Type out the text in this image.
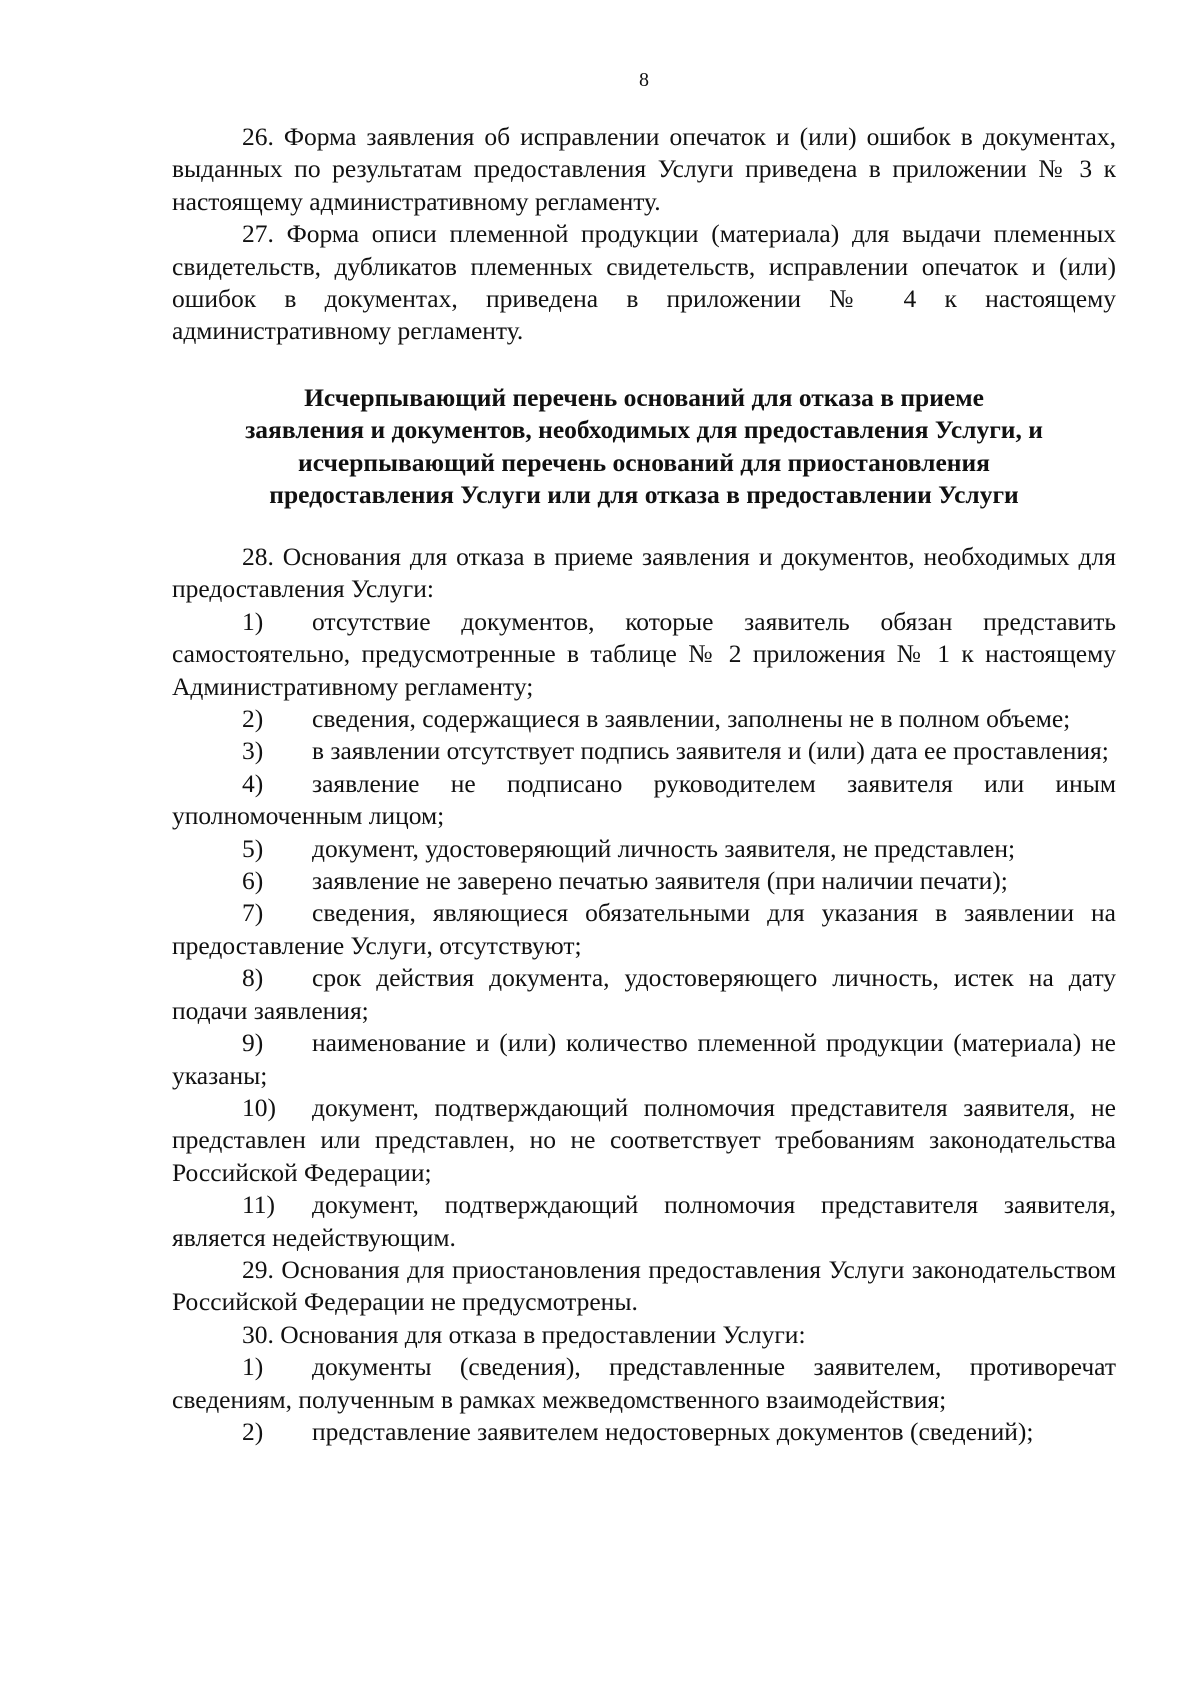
8

26. Форма заявления об исправлении опечаток и (или) ошибок в документах, выданных по результатам предоставления Услуги приведена в приложении № 3 к настоящему административному регламенту.

27. Форма описи племенной продукции (материала) для выдачи племенных свидетельств, дубликатов племенных свидетельств, исправлении опечаток и (или) ошибок в документах, приведена в приложении № 4 к настоящему административному регламенту.

Исчерпывающий перечень оснований для отказа в приеме
заявления и документов, необходимых для предоставления Услуги, и
исчерпывающий перечень оснований для приостановления
предоставления Услуги или для отказа в предоставлении Услуги

28. Основания для отказа в приеме заявления и документов, необходимых для предоставления Услуги:

1) отсутствие документов, которые заявитель обязан представить самостоятельно, предусмотренные в таблице № 2 приложения № 1 к настоящему Административному регламенту;

2) сведения, содержащиеся в заявлении, заполнены не в полном объеме;

3) в заявлении отсутствует подпись заявителя и (или) дата ее проставления;

4) заявление не подписано руководителем заявителя или иным уполномоченным лицом;

5) документ, удостоверяющий личность заявителя, не представлен;

6) заявление не заверено печатью заявителя (при наличии печати);

7) сведения, являющиеся обязательными для указания в заявлении на предоставление Услуги, отсутствуют;

8) срок действия документа, удостоверяющего личность, истек на дату подачи заявления;

9) наименование и (или) количество племенной продукции (материала) не указаны;

10) документ, подтверждающий полномочия представителя заявителя, не представлен или представлен, но не соответствует требованиям законодательства Российской Федерации;

11) документ, подтверждающий полномочия представителя заявителя, является недействующим.

29. Основания для приостановления предоставления Услуги законодательством Российской Федерации не предусмотрены.

30. Основания для отказа в предоставлении Услуги:

1) документы (сведения), представленные заявителем, противоречат сведениям, полученным в рамках межведомственного взаимодействия;

2) представление заявителем недостоверных документов (сведений);
